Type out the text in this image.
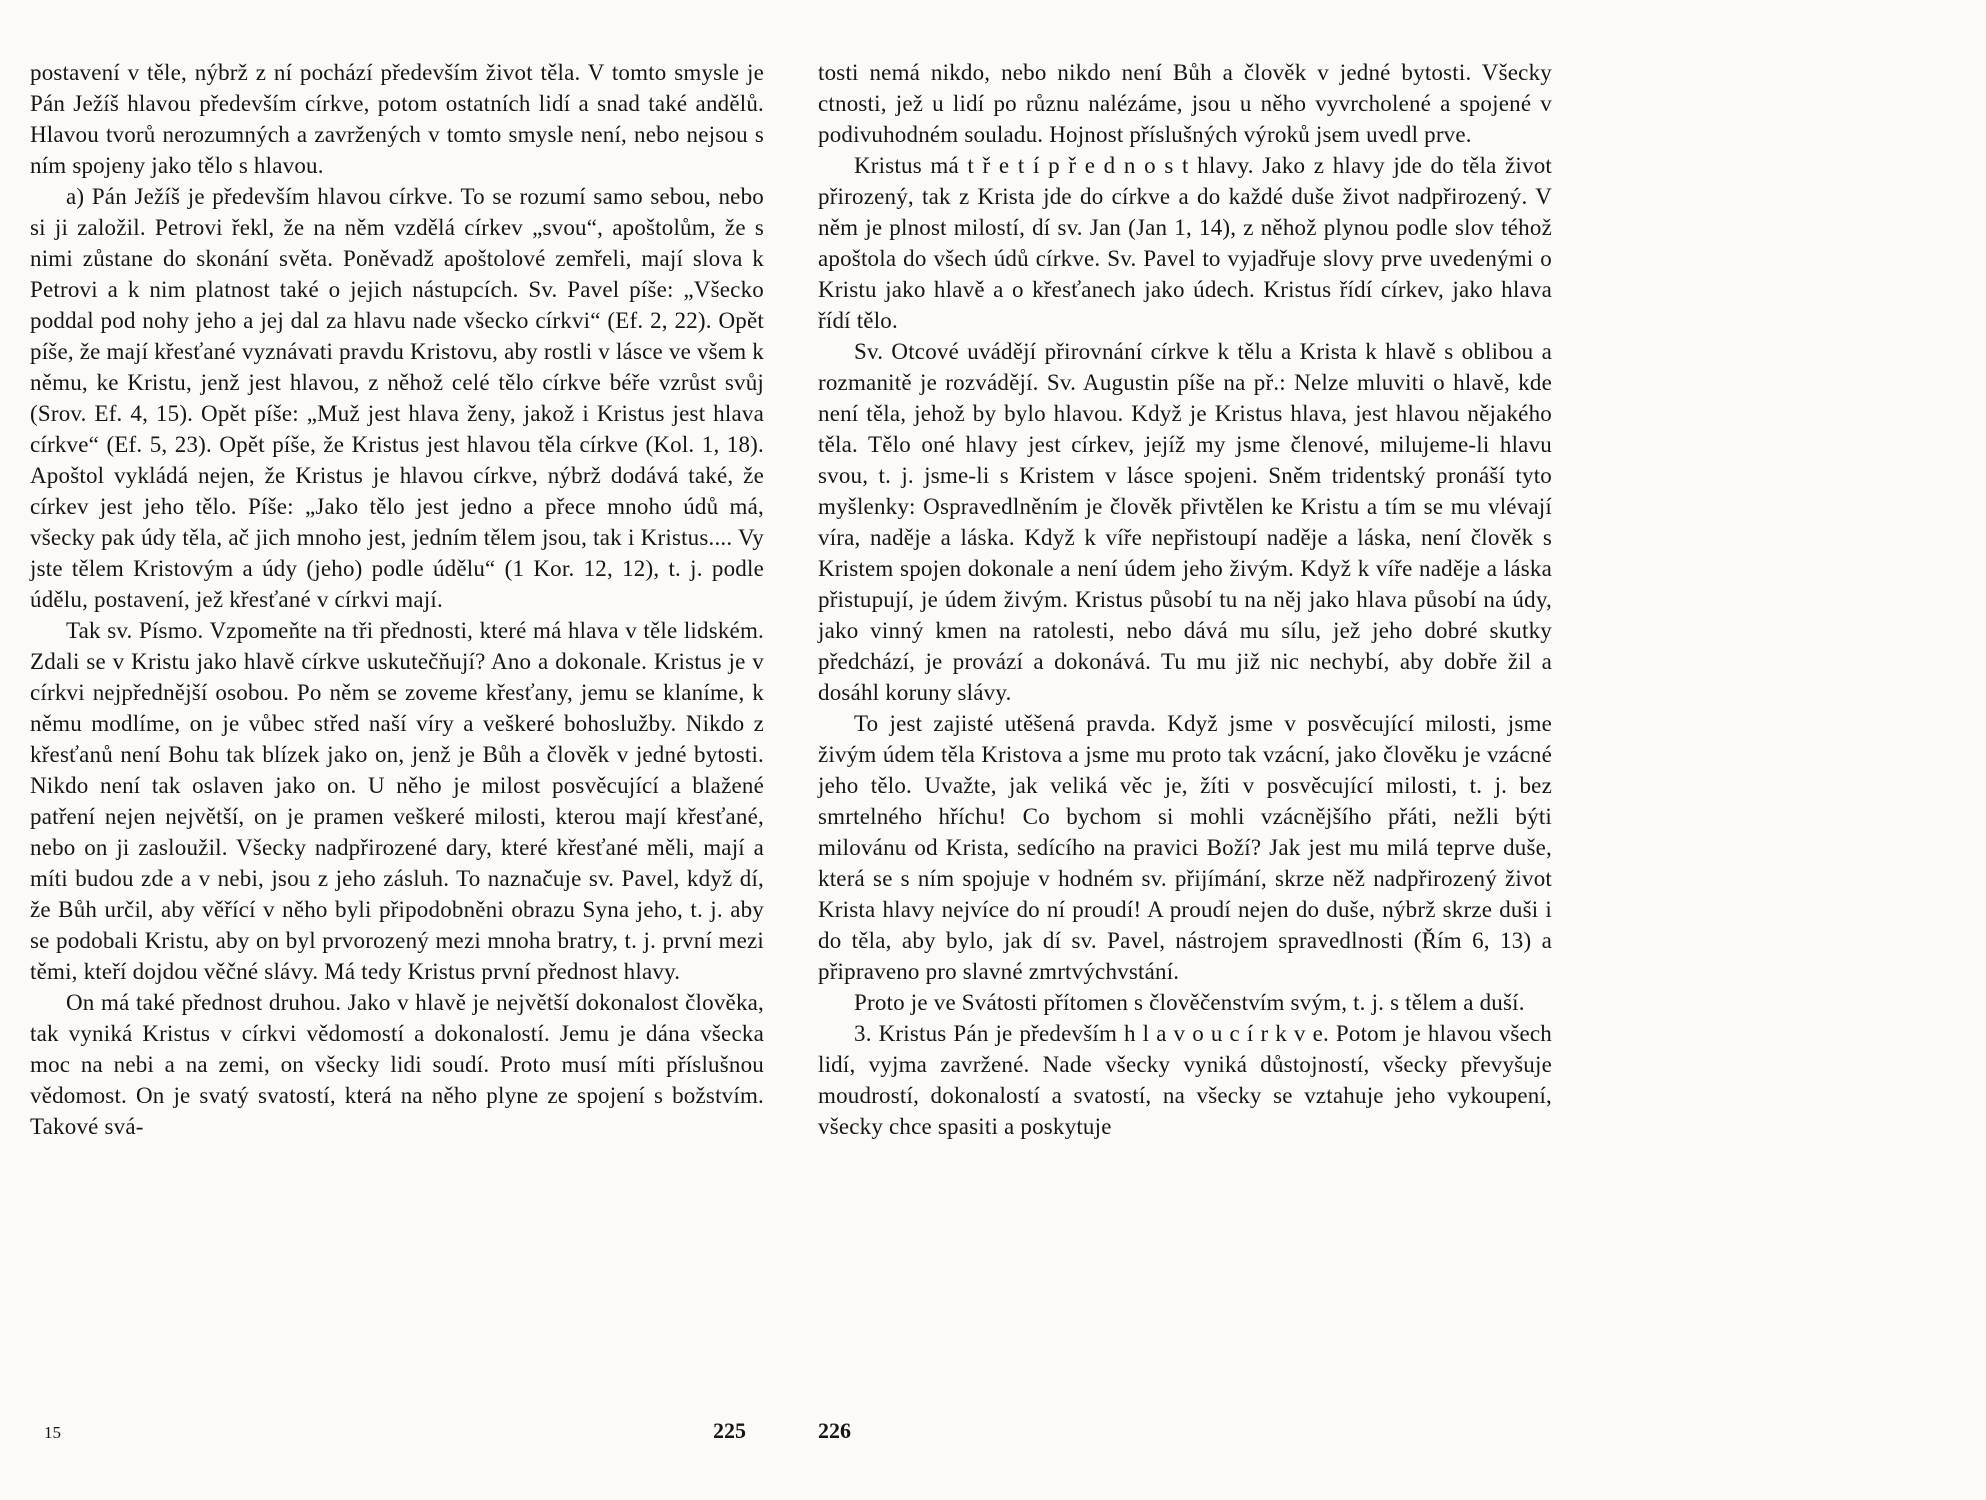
postavení v těle, nýbrž z ní pochází především život těla. V tomto smysle je Pán Ježíš hlavou především církve, potom ostatních lidí a snad také andělů. Hlavou tvorů nerozumných a zavržených v tomto smysle není, nebo nejsou s ním spojeny jako tělo s hlavou.

a) Pán Ježíš je především hlavou církve. To se rozumí samo sebou, nebo si ji založil. Petrovi řekl, že na něm vzdělá církev „svou“, apoštolům, že s nimi zůstane do skonání světa. Poněvadž apoštolové zemřeli, mají slova k Petrovi a k nim platnost také o jejich nástupcích. Sv. Pavel píše: „Všecko poddal pod nohy jeho a jej dal za hlavu nade všecko církvi“ (Ef. 2, 22). Opět píše, že mají křesťané vyznávati pravdu Kristovu, aby rostli v lásce ve všem k němu, ke Kristu, jenž jest hlavou, z něhož celé tělo církve béře vzrůst svůj (Srov. Ef. 4, 15). Opět píše: „Muž jest hlava ženy, jakož i Kristus jest hlava církve“ (Ef. 5, 23). Opět píše, že Kristus jest hlavou těla církve (Kol. 1, 18). Apoštol vykládá nejen, že Kristus je hlavou církve, nýbrž dodává také, že církev jest jeho tělo. Píše: „Jako tělo jest jedno a přece mnoho údů má, všecky pak údy těla, ač jich mnoho jest, jedním tělem jsou, tak i Kristus.... Vy jste tělem Kristovým a údy (jeho) podle údělu“ (1 Kor. 12, 12), t. j. podle údělu, postavení, jež křesťané v církvi mají.

Tak sv. Písmo. Vzpomeňte na tři přednosti, které má hlava v těle lidském. Zdali se v Kristu jako hlavě církve uskutečňují? Ano a dokonale. Kristus je v církvi nejpřednější osobou. Po něm se zoveme křesťany, jemu se klaníme, k němu modlíme, on je vůbec střed naší víry a veškeré bohoslužby. Nikdo z křesťanů není Bohu tak blízek jako on, jenž je Bůh a člověk v jedné bytosti. Nikdo není tak oslaven jako on. U něho je milost posvěcující a blažené patření nejen největší, on je pramen veškeré milosti, kterou mají křesťané, nebo on ji zasloužil. Všecky nadpřirozené dary, které křesťané měli, mají a míti budou zde a v nebi, jsou z jeho zásluh. To naznačuje sv. Pavel, když dí, že Bůh určil, aby věřící v něho byli připodobněni obrazu Syna jeho, t. j. aby se podobali Kristu, aby on byl prvorozený mezi mnoha bratry, t. j. první mezi těmi, kteří dojdou věčné slávy. Má tedy Kristus první přednost hlavy.

On má také přednost druhou. Jako v hlavě je největší dokonalost člověka, tak vyniká Kristus v církvi vědomostí a dokonalostí. Jemu je dána všecka moc na nebi a na zemi, on všecky lidi soudí. Proto musí míti příslušnou vědomost. On je svatý svatostí, která na něho plyne ze spojení s božstvím. Takové svá-

tosti nemá nikdo, nebo nikdo není Bůh a člověk v jedné bytosti. Všecky ctnosti, jež u lidí po různu nalézáme, jsou u něho vyvrcholené a spojené v podivuhodném souladu. Hojnost příslušných výroků jsem uvedl prve.

Kristus má t ř e t í p ř e d n o s t hlavy. Jako z hlavy jde do těla život přirozený, tak z Krista jde do církve a do každé duše život nadpřirozený. V něm je plnost milostí, dí sv. Jan (Jan 1, 14), z něhož plynou podle slov téhož apoštola do všech údů církve. Sv. Pavel to vyjadřuje slovy prve uvedenými o Kristu jako hlavě a o křesťanech jako údech. Kristus řídí církev, jako hlava řídí tělo.

Sv. Otcové uvádějí přirovnání církve k tělu a Krista k hlavě s oblibou a rozmanitě je rozvádějí. Sv. Augustin píše na př.: Nelze mluviti o hlavě, kde není těla, jehož by bylo hlavou. Když je Kristus hlava, jest hlavou nějakého těla. Tělo oné hlavy jest církev, jejíž my jsme členové, milujeme-li hlavu svou, t. j. jsme-li s Kristem v lásce spojeni. Sněm tridentský pronáší tyto myšlenky: Ospravedlněním je člověk přivtělen ke Kristu a tím se mu vlévají víra, naděje a láska. Když k víře nepřistoupí naděje a láska, není člověk s Kristem spojen dokonale a není údem jeho živým. Když k víře naděje a láska přistupují, je údem živým. Kristus působí tu na něj jako hlava působí na údy, jako vinný kmen na ratolesti, nebo dává mu sílu, jež jeho dobré skutky předchází, je provází a dokonává. Tu mu již nic nechybí, aby dobře žil a dosáhl koruny slávy.

To jest zajisté utěšená pravda. Když jsme v posvěcující milosti, jsme živým údem těla Kristova a jsme mu proto tak vzácní, jako člověku je vzácné jeho tělo. Uvažte, jak veliká věc je, žíti v posvěcující milosti, t. j. bez smrtelného hříchu! Co bychom si mohli vzácnějšího přáti, nežli býti milovánu od Krista, sedícího na pravici Boží? Jak jest mu milá teprve duše, která se s ním spojuje v hodném sv. přijímání, skrze něž nadpřirozený život Krista hlavy nejvíce do ní proudí! A proudí nejen do duše, nýbrž skrze duši i do těla, aby bylo, jak dí sv. Pavel, nástrojem spravedlnosti (Řím 6, 13) a připraveno pro slavné zmrtvýchvstání.

Proto je ve Svátosti přítomen s člověčenstvím svým, t. j. s tělem a duší.

3. Kristus Pán je především h l a v o u c í r k v e. Potom je hlavou všech lidí, vyjma zavržené. Nade všecky vyniká důstojností, všecky převyšuje moudrostí, dokonalostí a svatostí, na všecky se vztahuje jeho vykoupení, všecky chce spasiti a poskytuje

15	225	226
